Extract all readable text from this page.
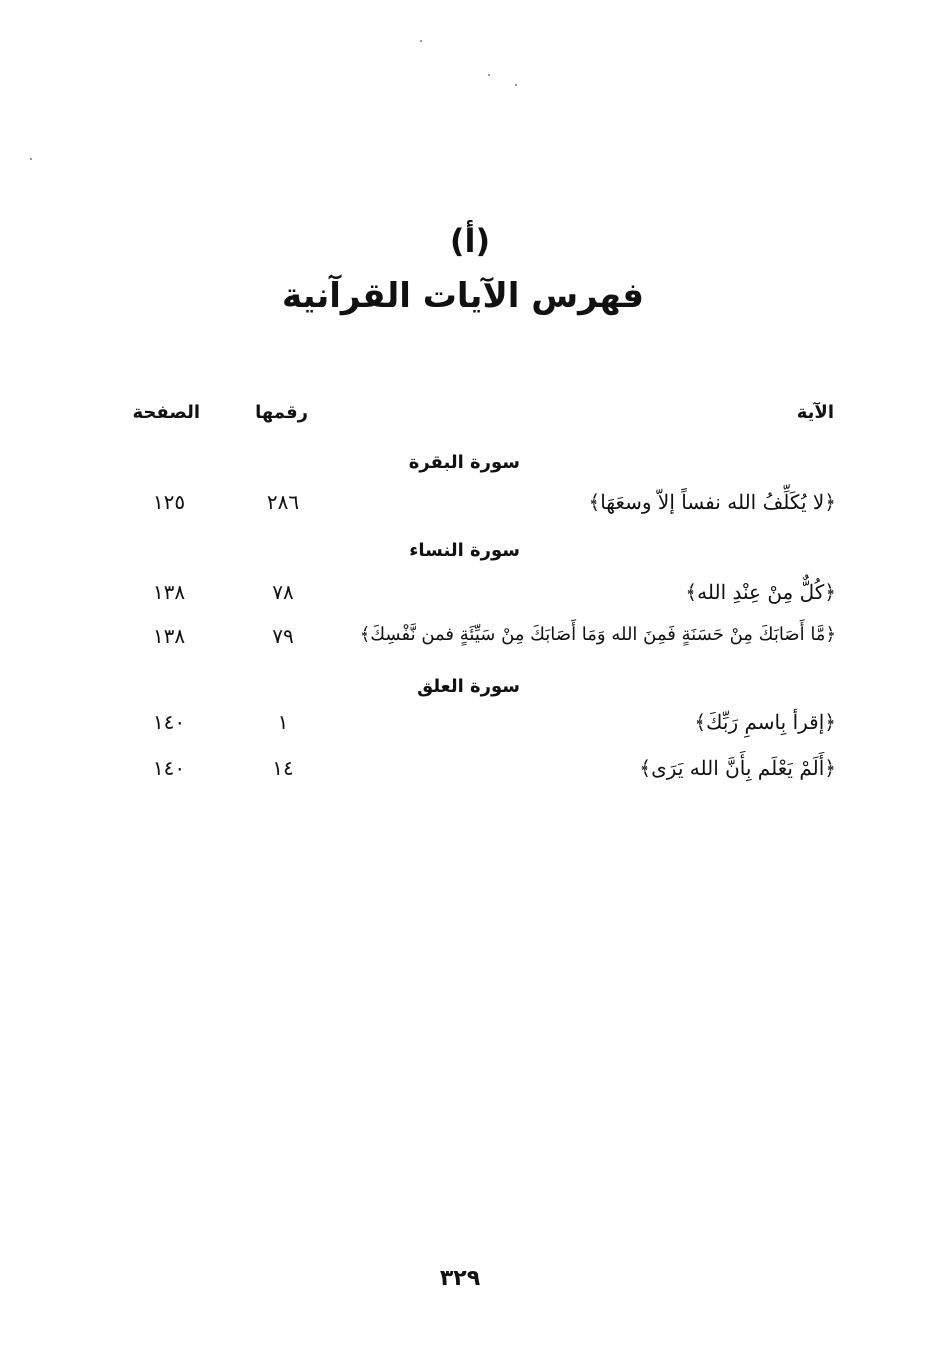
(أ)
فهرس الآيات القرآنية
الآية
رقمها
الصفحة
سورة البقرة
﴿لا يُكَلِّفُ الله نفساً إلاّ وسعَهَا﴾
٢٨٦
١٢٥
سورة النساء
﴿كُلٌّ مِنْ عِنْدِ الله﴾
٧٨
١٣٨
﴿مَّا أَصَابَكَ مِنْ حَسَنَةٍ فَمِنَ الله وَمَا أَصَابَكَ مِنْ سَيِّئَةٍ فمن نَّفْسِكَ﴾
٧٩
١٣٨
سورة العلق
﴿إقرأ بِاسمِ رَبِّكَ﴾
١
١٤٠
﴿أَلَمْ يَعْلَم بِأَنَّ الله يَرَى﴾
١٤
١٤٠
٣٢٩
